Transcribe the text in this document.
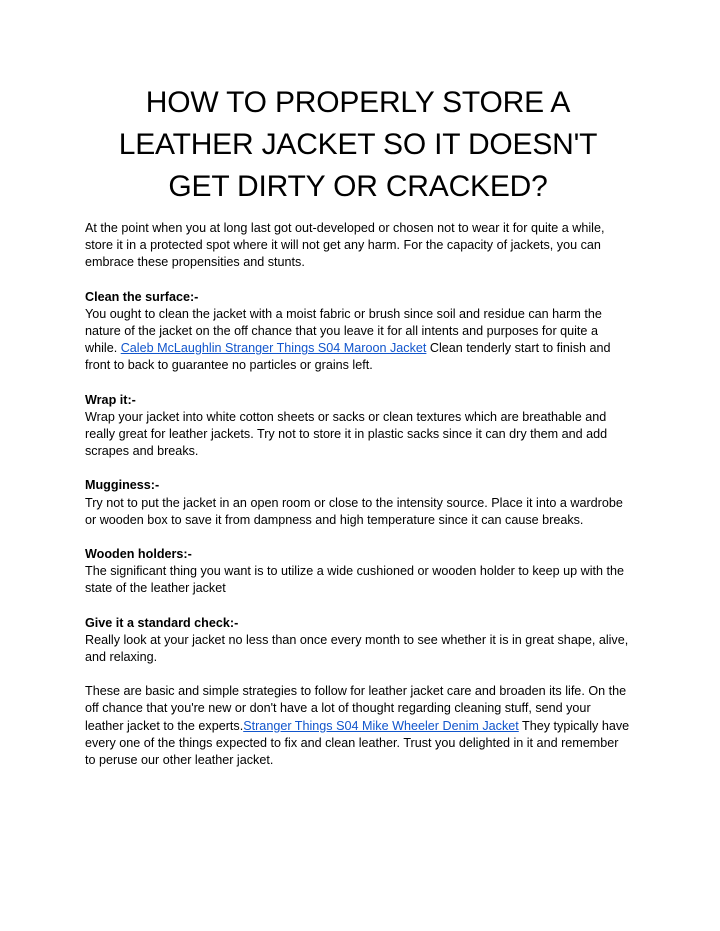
HOW TO PROPERLY STORE A
LEATHER JACKET SO IT DOESN'T
GET DIRTY OR CRACKED?

At the point when you at long last got out-developed or chosen not to wear it for quite a while, store it in a protected spot where it will not get any harm. For the capacity of jackets, you can embrace these propensities and stunts.

Clean the surface:-
You ought to clean the jacket with a moist fabric or brush since soil and residue can harm the nature of the jacket on the off chance that you leave it for all intents and purposes for quite a while. Caleb McLaughlin Stranger Things S04 Maroon Jacket Clean tenderly start to finish and front to back to guarantee no particles or grains left.

Wrap it:-
Wrap your jacket into white cotton sheets or sacks or clean textures which are breathable and really great for leather jackets. Try not to store it in plastic sacks since it can dry them and add scrapes and breaks.

Mugginess:-
Try not to put the jacket in an open room or close to the intensity source. Place it into a wardrobe or wooden box to save it from dampness and high temperature since it can cause breaks.

Wooden holders:-
The significant thing you want is to utilize a wide cushioned or wooden holder to keep up with the state of the leather jacket

Give it a standard check:-
Really look at your jacket no less than once every month to see whether it is in great shape, alive, and relaxing.

These are basic and simple strategies to follow for leather jacket care and broaden its life. On the off chance that you're new or don't have a lot of thought regarding cleaning stuff, send your leather jacket to the experts.Stranger Things S04 Mike Wheeler Denim Jacket They typically have every one of the things expected to fix and clean leather. Trust you delighted in it and remember to peruse our other leather jacket.
